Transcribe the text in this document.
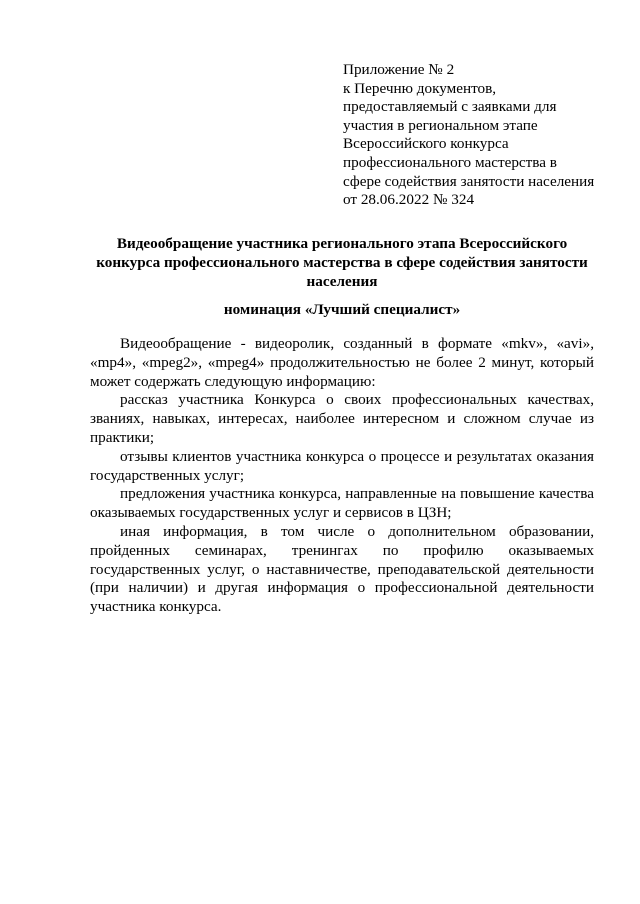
Приложение № 2
к Перечню документов,
предоставляемый с заявками для
участия в региональном этапе
Всероссийского конкурса
профессионального мастерства в
сфере содействия занятости населения
от 28.06.2022 № 324
Видеообращение участника регионального этапа Всероссийского
конкурса профессионального мастерства в сфере содействия занятости
населения
номинация «Лучший специалист»

Видеообращение - видеоролик, созданный в формате «mkv», «avi»,
«mp4», «mpeg2», «mpeg4» продолжительностью не более 2 минут, который
может содержать следующую информацию:

рассказ участника Конкурса о своих профессиональных качествах,
званиях, навыках, интересах, наиболее интересном и сложном случае из
практики;

отзывы клиентов участника конкурса о процессе и результатах оказания
государственных услуг;

предложения участника конкурса, направленные на повышение качества
оказываемых государственных услуг и сервисов в ЦЗН;

иная информация, в том числе о дополнительном образовании,
пройденных семинарах, тренингах по профилю оказываемых
государственных услуг, о наставничестве, преподавательской деятельности
(при наличии) и другая информация о профессиональной деятельности
участника конкурса.
